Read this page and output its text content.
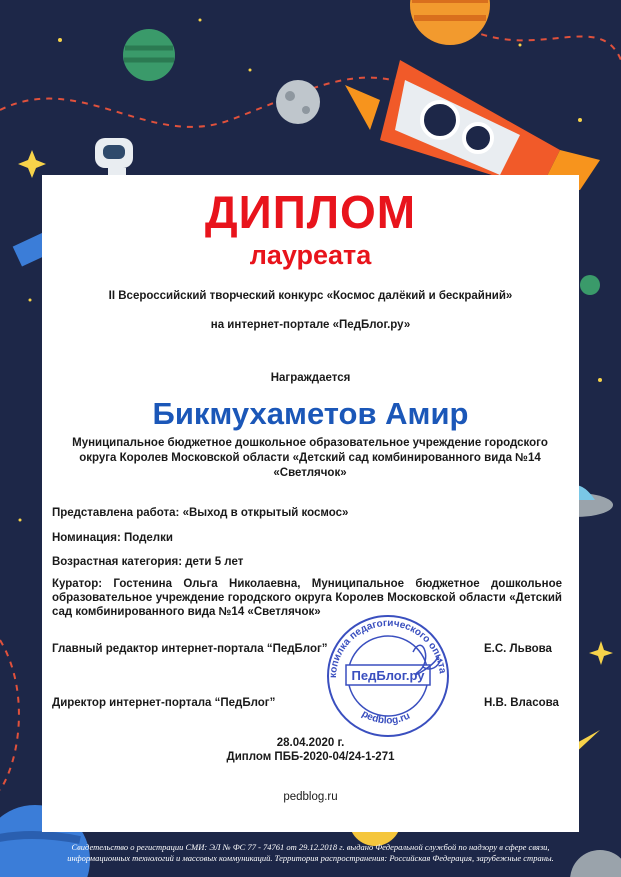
ДИПЛОМ
лауреата
II Всероссийский творческий конкурс «Космос далёкий и бескрайний»
на интернет-портале «ПедБлог.ру»
Награждается
Бикмухаметов Амир
Муниципальное бюджетное дошкольное образовательное учреждение городского округа Королев Московской области «Детский сад комбинированного вида №14 «Светлячок»
Представлена работа: «Выход в открытый космос»
Номинация: Поделки
Возрастная категория: дети 5 лет
Куратор: Гостенина Ольга Николаевна, Муниципальное бюджетное дошкольное образовательное учреждение городского округа Королев Московской области «Детский сад комбинированного вида №14 «Светлячок»
Главный редактор интернет-портала “ПедБлог”	Е.С. Львова
Директор интернет-портала “ПедБлог”	Н.В. Власова
копилка педагогического опыта
ПедБлог.ру
pedblog.ru
28.04.2020 г.
Диплом ПББ-2020-04/24-1-271
pedblog.ru
Свидетельство о регистрации СМИ: ЭЛ № ФС 77 - 74761 от 29.12.2018 г. выдано Федеральной службой по надзору в сфере связи, информационных технологий и массовых коммуникаций. Территория распространения: Российская Федерация, зарубежные страны.
